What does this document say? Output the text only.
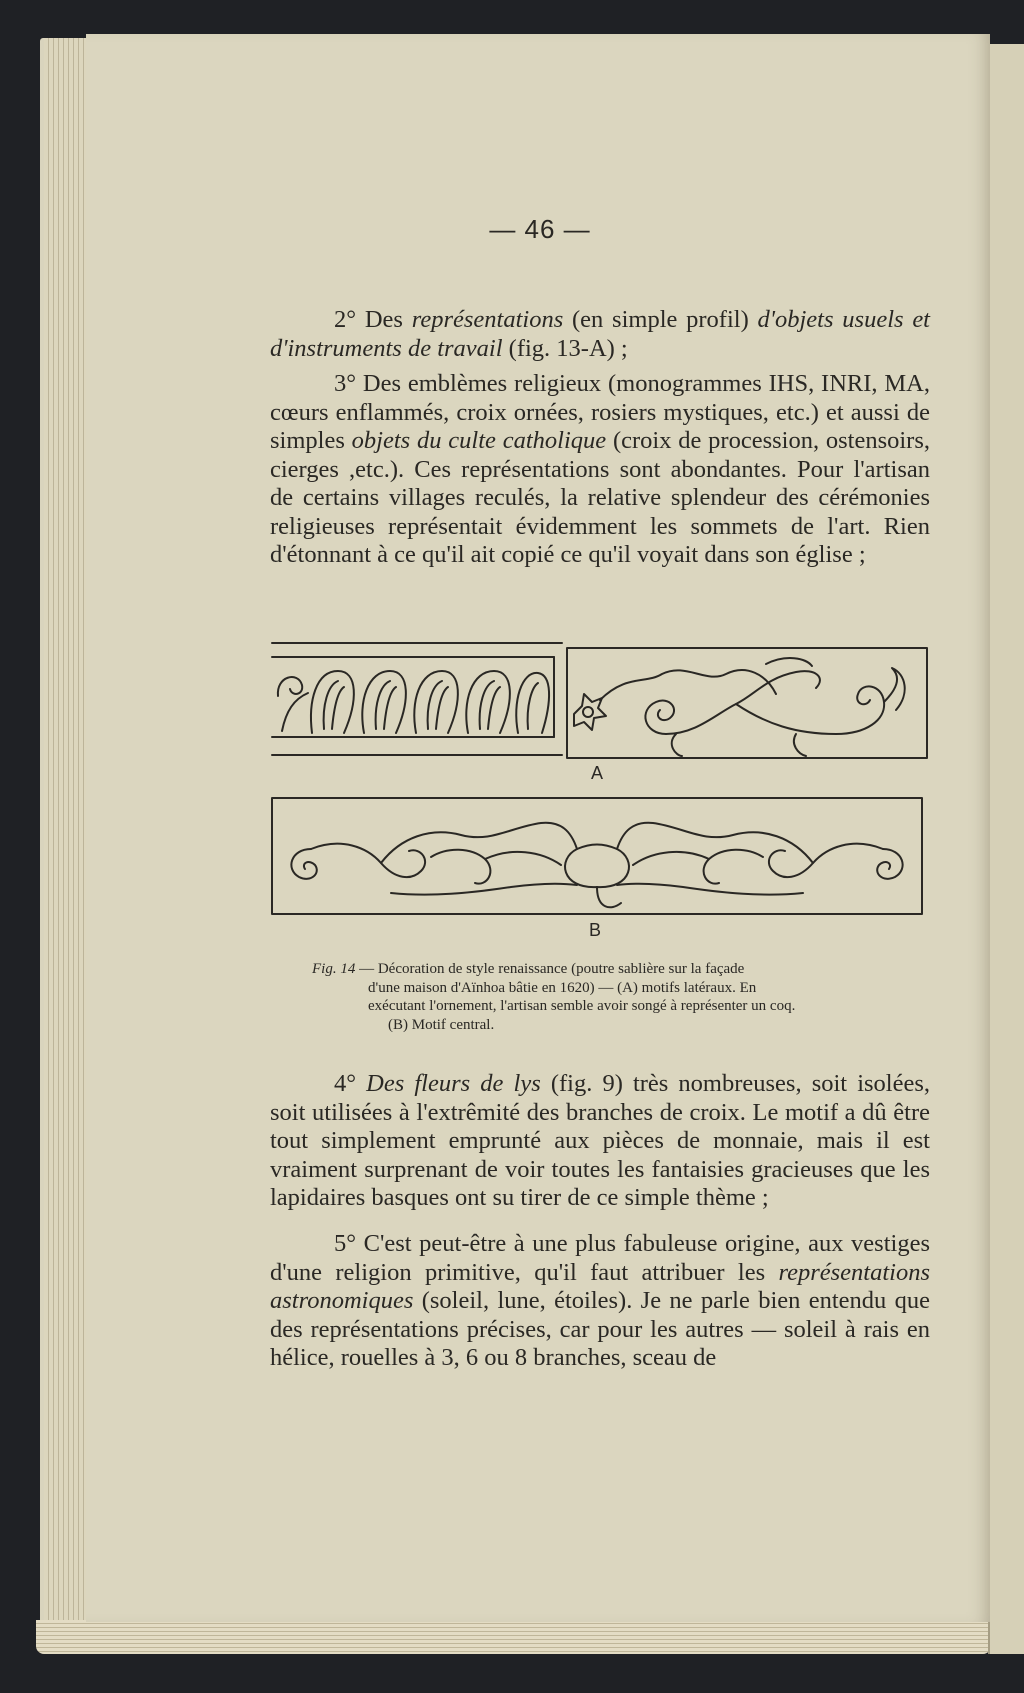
— 46 —
2° Des représentations (en simple profil) d'objets usuels et d'instruments de travail (fig. 13-A) ;
3° Des emblèmes religieux (monogrammes IHS, INRI, MA, cœurs enflammés, croix ornées, rosiers mystiques, etc.) et aussi de simples objets du culte catholique (croix de procession, ostensoirs, cierges ,etc.). Ces représentations sont abondantes. Pour l'artisan de certains villages reculés, la relative splendeur des cérémonies religieuses représentait évidemment les sommets de l'art. Rien d'étonnant à ce qu'il ait copié ce qu'il voyait dans son église ;
A
B
Fig. 14 — Décoration de style renaissance (poutre sablière sur la façade
d'une maison d'Aïnhoa bâtie en 1620) — (A) motifs latéraux. En
exécutant l'ornement, l'artisan semble avoir songé à représenter un coq.
(B) Motif central.
4° Des fleurs de lys (fig. 9) très nombreuses, soit isolées, soit utilisées à l'extrêmité des branches de croix. Le motif a dû être tout simplement emprunté aux pièces de monnaie, mais il est vraiment surprenant de voir toutes les fantaisies gracieuses que les lapidaires basques ont su tirer de ce simple thème ;
5° C'est peut-être à une plus fabuleuse origine, aux vestiges d'une religion primitive, qu'il faut attribuer les représentations astronomiques (soleil, lune, étoiles). Je ne parle bien entendu que des représentations précises, car pour les autres — soleil à rais en hélice, rouelles à 3, 6 ou 8 branches, sceau de
